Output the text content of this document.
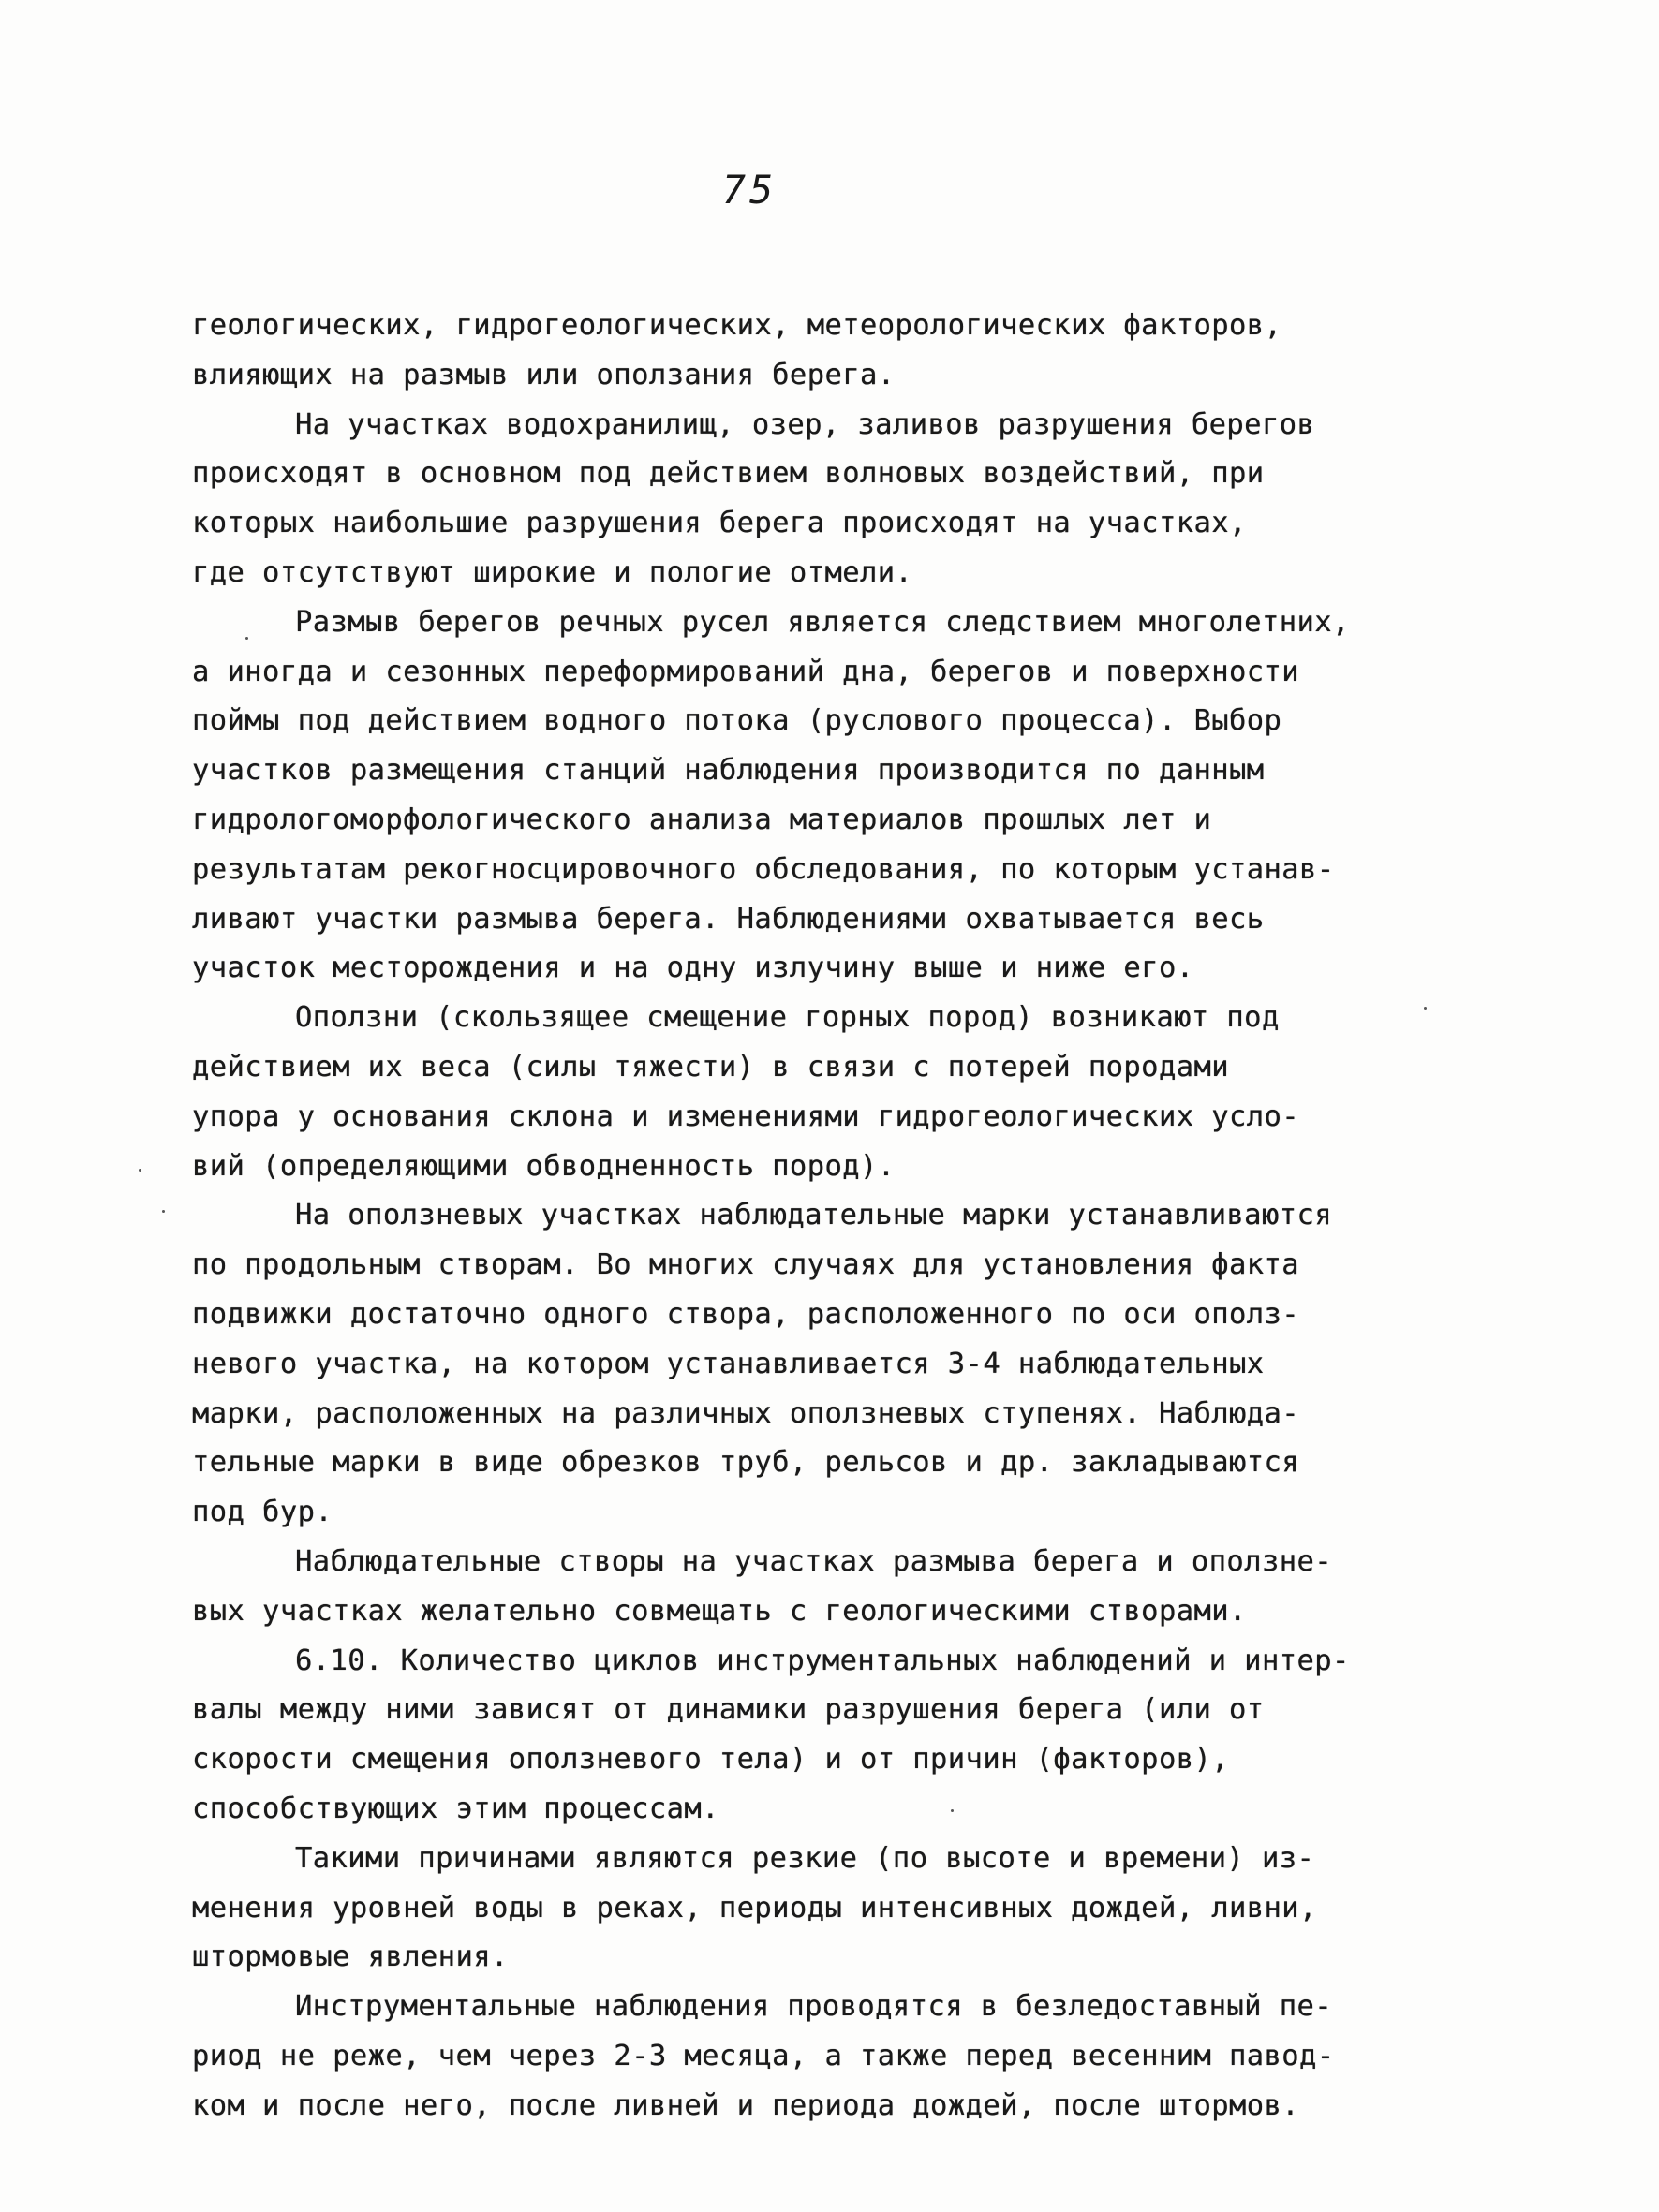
75
геологических, гидрогеологических, метеорологических факторов,
влияющих на размыв или оползания берега.
На участках водохранилищ, озер, заливов разрушения берегов
происходят в основном под действием волновых воздействий, при
которых наибольшие разрушения берега происходят на участках,
где отсутствуют широкие и пологие отмели.
Размыв берегов речных русел является следствием многолетних,
а иногда и сезонных переформирований дна, берегов и поверхности
поймы под действием водного потока (руслового процесса). Выбор
участков размещения станций наблюдения производится по данным
гидрологоморфологического анализа материалов прошлых лет и
результатам рекогносцировочного обследования, по которым устанав-
ливают участки размыва берега. Наблюдениями охватывается весь
участок месторождения и на одну излучину выше и ниже его.
Оползни (скользящее смещение горных пород) возникают под
действием их веса (силы тяжести) в связи с потерей породами
упора у основания склона и изменениями гидрогеологических усло-
вий (определяющими обводненность пород).
На оползневых участках наблюдательные марки устанавливаются
по продольным створам. Во многих случаях для установления факта
подвижки достаточно одного створа, расположенного по оси ополз-
невого участка, на котором устанавливается 3-4 наблюдательных
марки, расположенных на различных оползневых ступенях. Наблюда-
тельные марки в виде обрезков труб, рельсов и др. закладываются
под бур.
Наблюдательные створы на участках размыва берега и оползне-
вых участках желательно совмещать с геологическими створами.
6.10. Количество циклов инструментальных наблюдений и интер-
валы между ними зависят от динамики разрушения берега (или от
скорости смещения оползневого тела) и от причин (факторов),
способствующих этим процессам.
Такими причинами являются резкие (по высоте и времени) из-
менения уровней воды в реках, периоды интенсивных дождей, ливни,
штормовые явления.
Инструментальные наблюдения проводятся в безледоставный пе-
риод не реже, чем через 2-3 месяца, а также перед весенним павод-
ком и после него, после ливней и периода дождей, после штормов.
